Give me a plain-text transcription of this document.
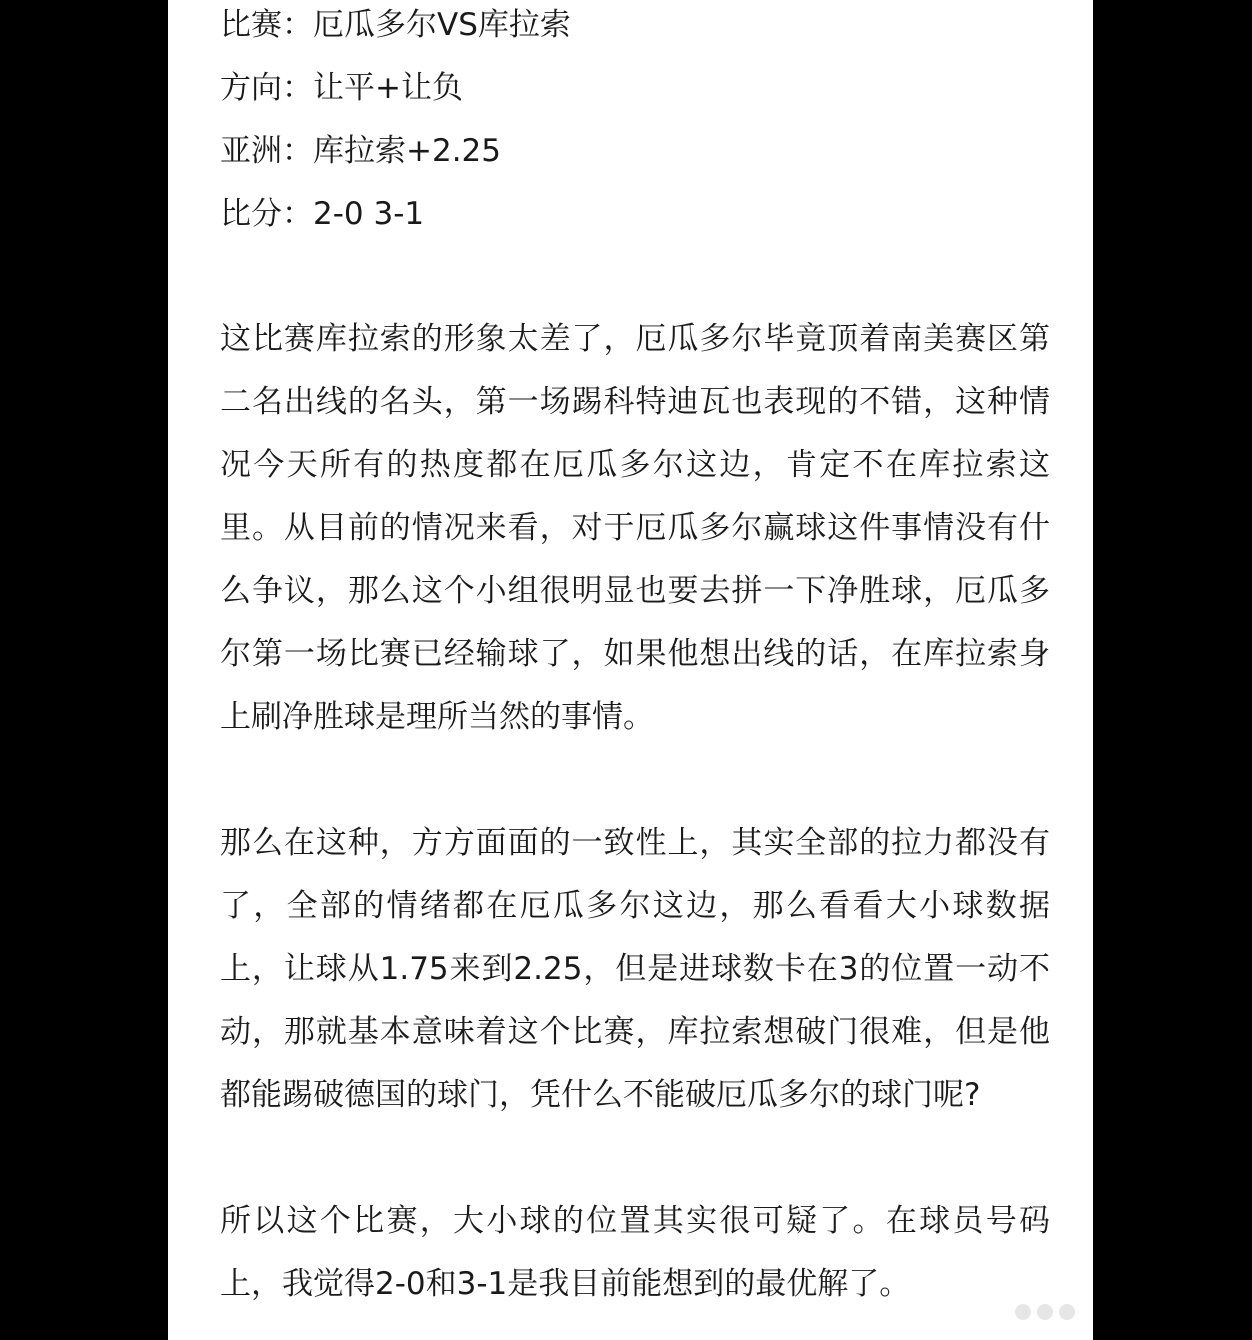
比赛：厄瓜多尔VS库拉索
方向：让平+让负
亚洲：库拉索+2.25
比分：2-0 3-1

这比赛库拉索的形象太差了，厄瓜多尔毕竟顶着南美赛区第二名出线的名头，第一场踢科特迪瓦也表现的不错，这种情况今天所有的热度都在厄瓜多尔这边，肯定不在库拉索这里。从目前的情况来看，对于厄瓜多尔赢球这件事情没有什么争议，那么这个小组很明显也要去拼一下净胜球，厄瓜多尔第一场比赛已经输球了，如果他想出线的话，在库拉索身上刷净胜球是理所当然的事情。

那么在这种，方方面面的一致性上，其实全部的拉力都没有了，全部的情绪都在厄瓜多尔这边，那么看看大小球数据上，让球从1.75来到2.25，但是进球数卡在3的位置一动不动，那就基本意味着这个比赛，库拉索想破门很难，但是他都能踢破德国的球门，凭什么不能破厄瓜多尔的球门呢?

所以这个比赛，大小球的位置其实很可疑了。在球员号码上，我觉得2-0和3-1是我目前能想到的最优解了。
